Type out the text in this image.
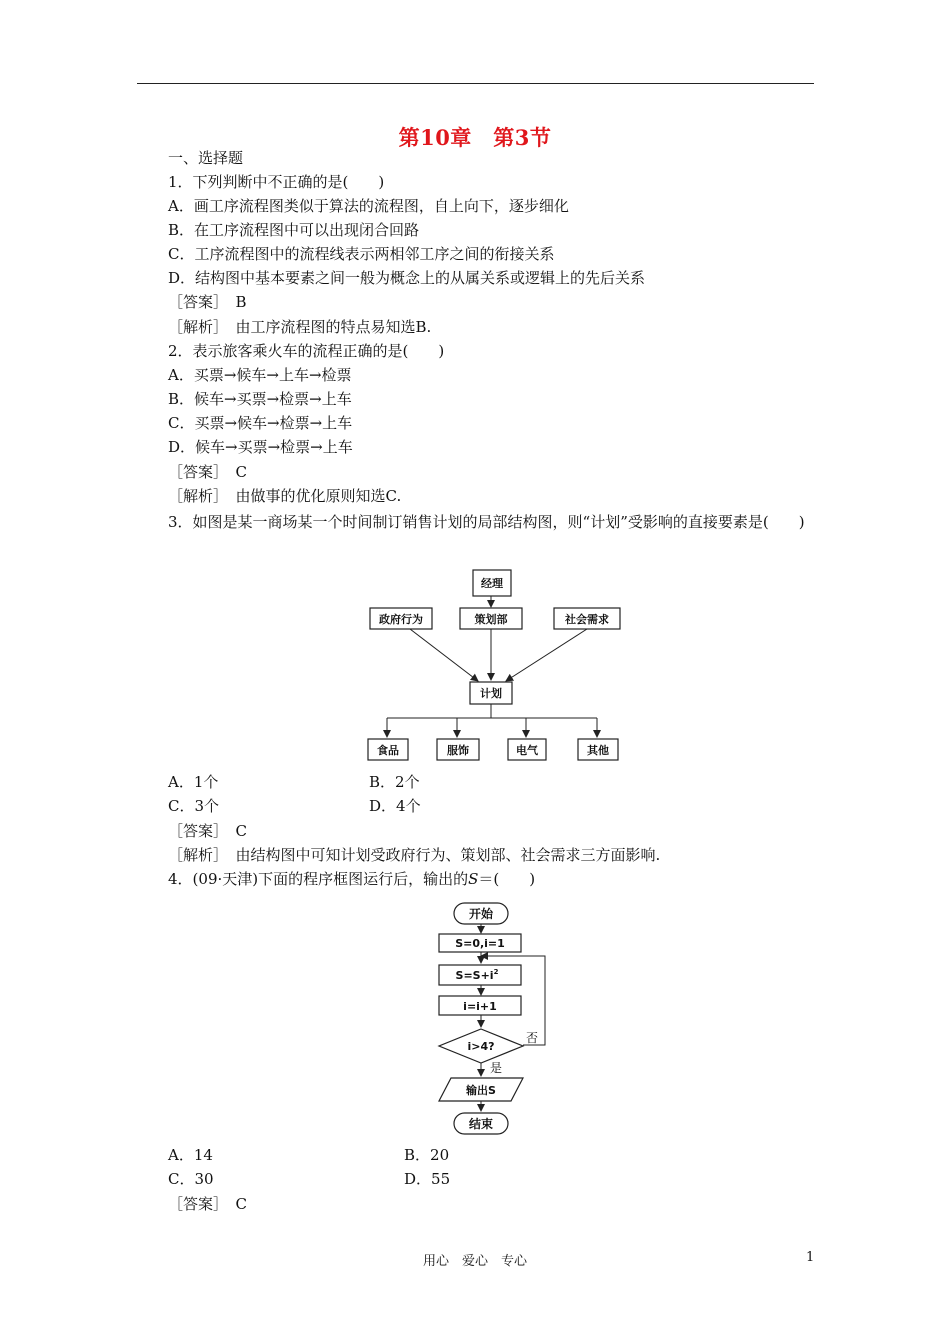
第10章　第3节
一、选择题
1．下列判断中不正确的是(　　)
A．画工序流程图类似于算法的流程图，自上向下，逐步细化
B．在工序流程图中可以出现闭合回路
C．工序流程图中的流程线表示两相邻工序之间的衔接关系
D．结构图中基本要素之间一般为概念上的从属关系或逻辑上的先后关系
［答案］　B
［解析］　由工序流程图的特点易知选B.
2．表示旅客乘火车的流程正确的是(　　)
A．买票→候车→上车→检票
B．候车→买票→检票→上车
C．买票→候车→检票→上车
D．候车→买票→检票→上车
［答案］　C
［解析］　由做事的优化原则知选C.
3．如图是某一商场某一个时间制订销售计划的局部结构图，则“计划”受影响的直接要素是(　　)
经理
政府行为	策划部	社会需求
计划
食品	服饰	电气	其他
A．1个	B．2个
C．3个	D．4个
［答案］　C
［解析］　由结构图中可知计划受政府行为、策划部、社会需求三方面影响.
4．(09·天津)下面的程序框图运行后，输出的S＝(　　)
开始
S=0,i=1
$S=S+i^2$
i=i+1
i>4?
否
是
输出S
结束
A．14	B．20
C．30	D．55
［答案］　C
用心　爱心　专心	1
